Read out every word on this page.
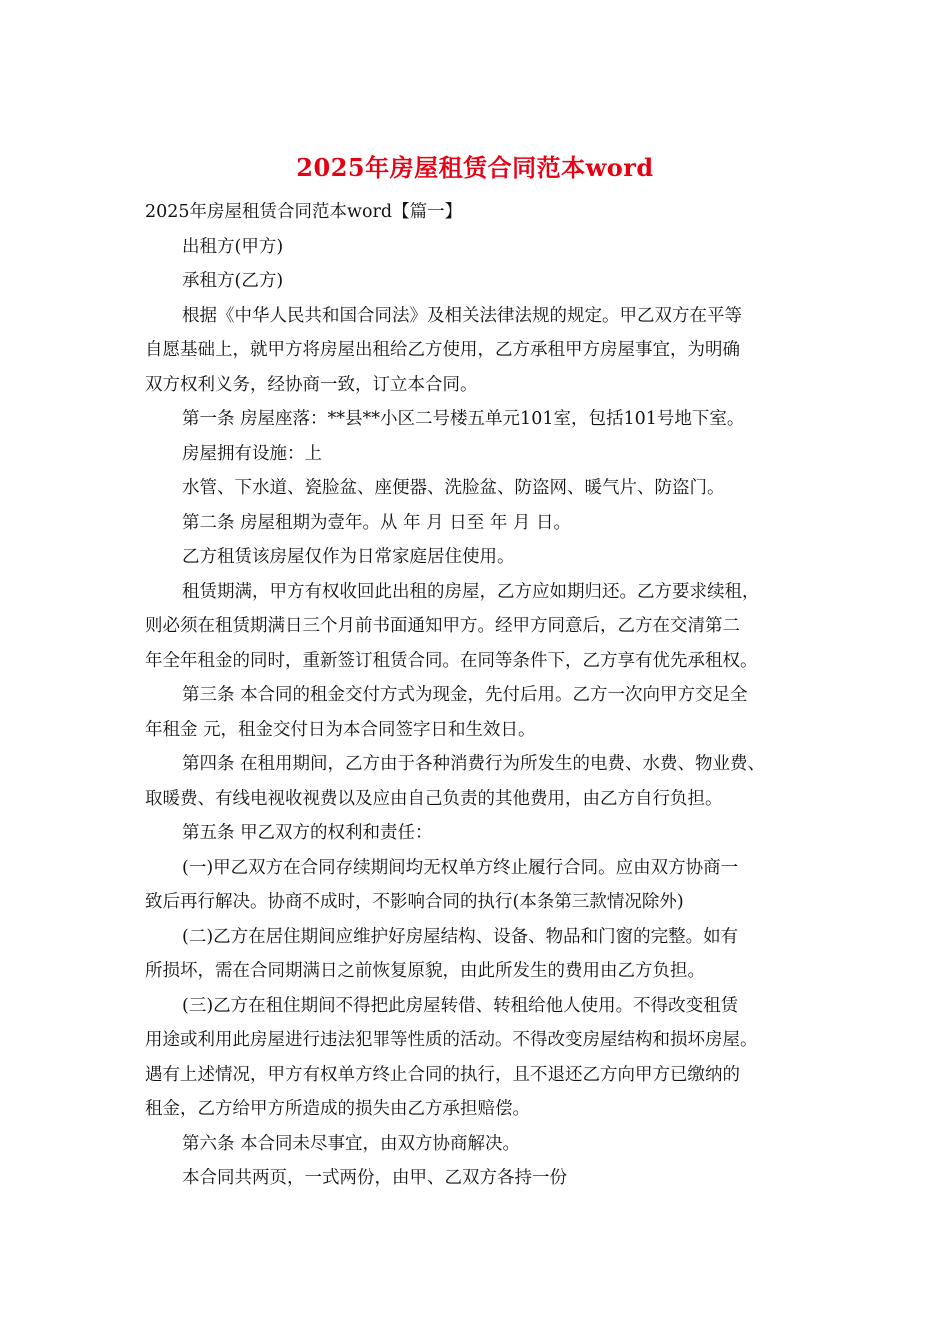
2025年房屋租赁合同范本word
2025年房屋租赁合同范本word【篇一】
出租方(甲方)
承租方(乙方)
根据《中华人民共和国合同法》及相关法律法规的规定。甲乙双方在平等
自愿基础上，就甲方将房屋出租给乙方使用，乙方承租甲方房屋事宜，为明确
双方权利义务，经协商一致，订立本合同。
第一条 房屋座落：**县**小区二号楼五单元101室，包括101号地下室。
房屋拥有设施：上
水管、下水道、瓷脸盆、座便器、洗脸盆、防盗网、暖气片、防盗门。
第二条 房屋租期为壹年。从 年 月 日至 年 月 日。
乙方租赁该房屋仅作为日常家庭居住使用。
租赁期满，甲方有权收回此出租的房屋，乙方应如期归还。乙方要求续租，
则必须在租赁期满日三个月前书面通知甲方。经甲方同意后，乙方在交清第二
年全年租金的同时，重新签订租赁合同。在同等条件下，乙方享有优先承租权。
第三条 本合同的租金交付方式为现金，先付后用。乙方一次向甲方交足全
年租金 元，租金交付日为本合同签字日和生效日。
第四条 在租用期间，乙方由于各种消费行为所发生的电费、水费、物业费、
取暖费、有线电视收视费以及应由自己负责的其他费用，由乙方自行负担。
第五条 甲乙双方的权利和责任：
(一)甲乙双方在合同存续期间均无权单方终止履行合同。应由双方协商一
致后再行解决。协商不成时，不影响合同的执行(本条第三款情况除外)
(二)乙方在居住期间应维护好房屋结构、设备、物品和门窗的完整。如有
所损坏，需在合同期满日之前恢复原貌，由此所发生的费用由乙方负担。
(三)乙方在租住期间不得把此房屋转借、转租给他人使用。不得改变租赁
用途或利用此房屋进行违法犯罪等性质的活动。不得改变房屋结构和损坏房屋。
遇有上述情况，甲方有权单方终止合同的执行，且不退还乙方向甲方已缴纳的
租金，乙方给甲方所造成的损失由乙方承担赔偿。
第六条 本合同未尽事宜，由双方协商解决。
本合同共两页，一式两份，由甲、乙双方各持一份
